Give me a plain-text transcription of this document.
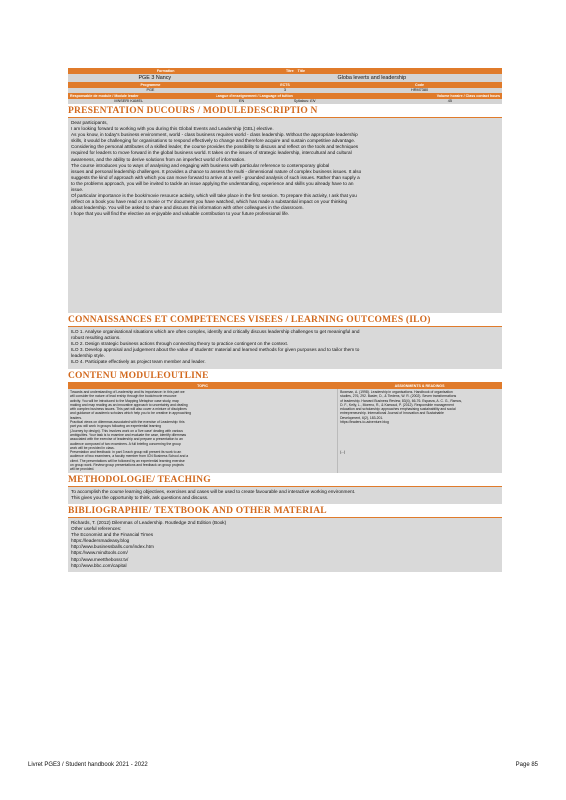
Formation	Titre	Title
PGE 3 Nancy	Globa leverts and leadership
Programme	ECTS	Code
PGE	3	HRM7380
Responsable de module / Module leader	Langue d'enseignement / Language of tuition	Volume horaire / Class contact hours
MNSERI KAMEL	EN	Syllabus: EN	45
PRESENTATION DUCOURS / MODULEDESCRIPTIO N

Dear participants,

I am looking forward to working with you during this Global Events and Leadership (GEL) elective.

As you know, in today's business environment, world - class business requires world - class leadership. Without the appropriate leadership

skills, it would be challenging for organisations to respond effectively to change and therefore acquire and sustain competitive advantage.

Considering the personal attributes of a skilled leader, the course provides the possibility to discuss and reflect on the tools and techniques

required for leaders to move forward in the global business world. It takes on the issues of strategic leadership, intercultural and cultural

awareness, and the ability to derive solutions from an imperfect world of information.

The course introduces you to ways of analysing and engaging with business with particular reference to contemporary global

issues and personal leadership challenges. It provides a chance to assess the multi - dimensional nature of complex business issues. It also

suggests the kind of approach with which you can move forward to arrive at a well - grounded analysis of such issues. Rather than supply a

to the problems approach, you will be invited to tackle an issue applying the understanding, experience and skills you already have to an

issue.

Of particular importance is the book/movie resource activity, which will take place in the first session. To prepare this activity, I ask that you

reflect on a book you have read or a movie or TV document you have watched, which has made a substantial impact on your thinking

about leadership. You will be asked to share and discuss this information with other colleagues in the classroom.

I hope that you will find the elective an enjoyable and valuable contribution to your future professional life.

CONNAISSANCES ET COMPETENCES VISEES / LEARNING OUTCOMES (ILO)

ILO 1. Analyse organisational situations which are often complex, identify and critically discuss leadership challenges to get meaningful and

robust resulting actions.

ILO 2. Design strategic business actions through connecting theory to practice contingent on the context.

ILO 3. Develop appraisal and judgement about the value of students' material and learned methods for given purposes and to tailor them to

leadership style.

ILO 4. Participate effectively as project team member and leader.

CONTENU MODULEOUTLINE
TOPIC	ASSIGNMENTS & READINGS

Towards and understanding of Leadership and its importance: in this part we

will consider the nature of lead ership through the book/movie resource

activity. You will be introduced to the Mapping Metaphor case study, map

making and map reading as an innovative approach to uncertainty and dealing

with complex business issues. This part will also cover a mixture of disciplines

and guidance of academic scholars which help you to be creative in approaching

leaders.

Practical views on dilemmas associated with the exercise of Leadership: this

part you will work in groups following an experiential learning

(Journey by design). This involves work on a 'live case' dealing with various

ambiguities. Your task is to examine and evaluate the case, identify dilemmas

associated with the exercise of leadership and prepare a presentation to an

audience composed of two examiners. A full briefing concerning the group

work will be provided in class.

Presentation and feedback: in part 3 each group will present its work to an

audience of two examiners, a faculty member from ICN Business School and a

client. The presentations will be followed by an experiential learning exercise

on group work. Review group presentations and feedback on group projects

will be provided.

Bowman, A. (1998). Leadership in organisations. Handbook of organisation

studies, 276, 292. Basler, D., & Tiedens, W. R. (2002). Seven transformations

of leadership. Harvard Business Review, 83(4), 66-76. Esparza, A. C. G., Ramos,

D. F., Kelly, L., Moreno, R., & Kamoud, P. (2012). Responsible management

education and scholarship: approaches emphasising sustainability and social

entrepreneurship. International Journal of Innovation and Sustainable

Development, 6(2), 183-201.

https://leaders-to-adventure.blog

(...)

METHODOLOGIE/ TEACHING

To accomplish the course learning objectives, exercises and cases will be used to create favourable and interactive working environment.

This gives you the opportunity to think, ask questions and discuss.

BIBLIOGRAPHIE/ TEXTBOOK AND OTHER MATERIAL

Richards, T. (2012) Dilemmas of Leadership. Routledge 2nd Edition (Book)

Other useful references:

The Economist and the Financial Times

https://leadersmadeasy.blog

http://www.businessballs.com/index.htm

https://www.mindtools.com/

http://www.meetthebossr.tv/

http://www.bbc.com/capital

Livret PGE3 / Student handbook 2021 - 2022	Page 85
